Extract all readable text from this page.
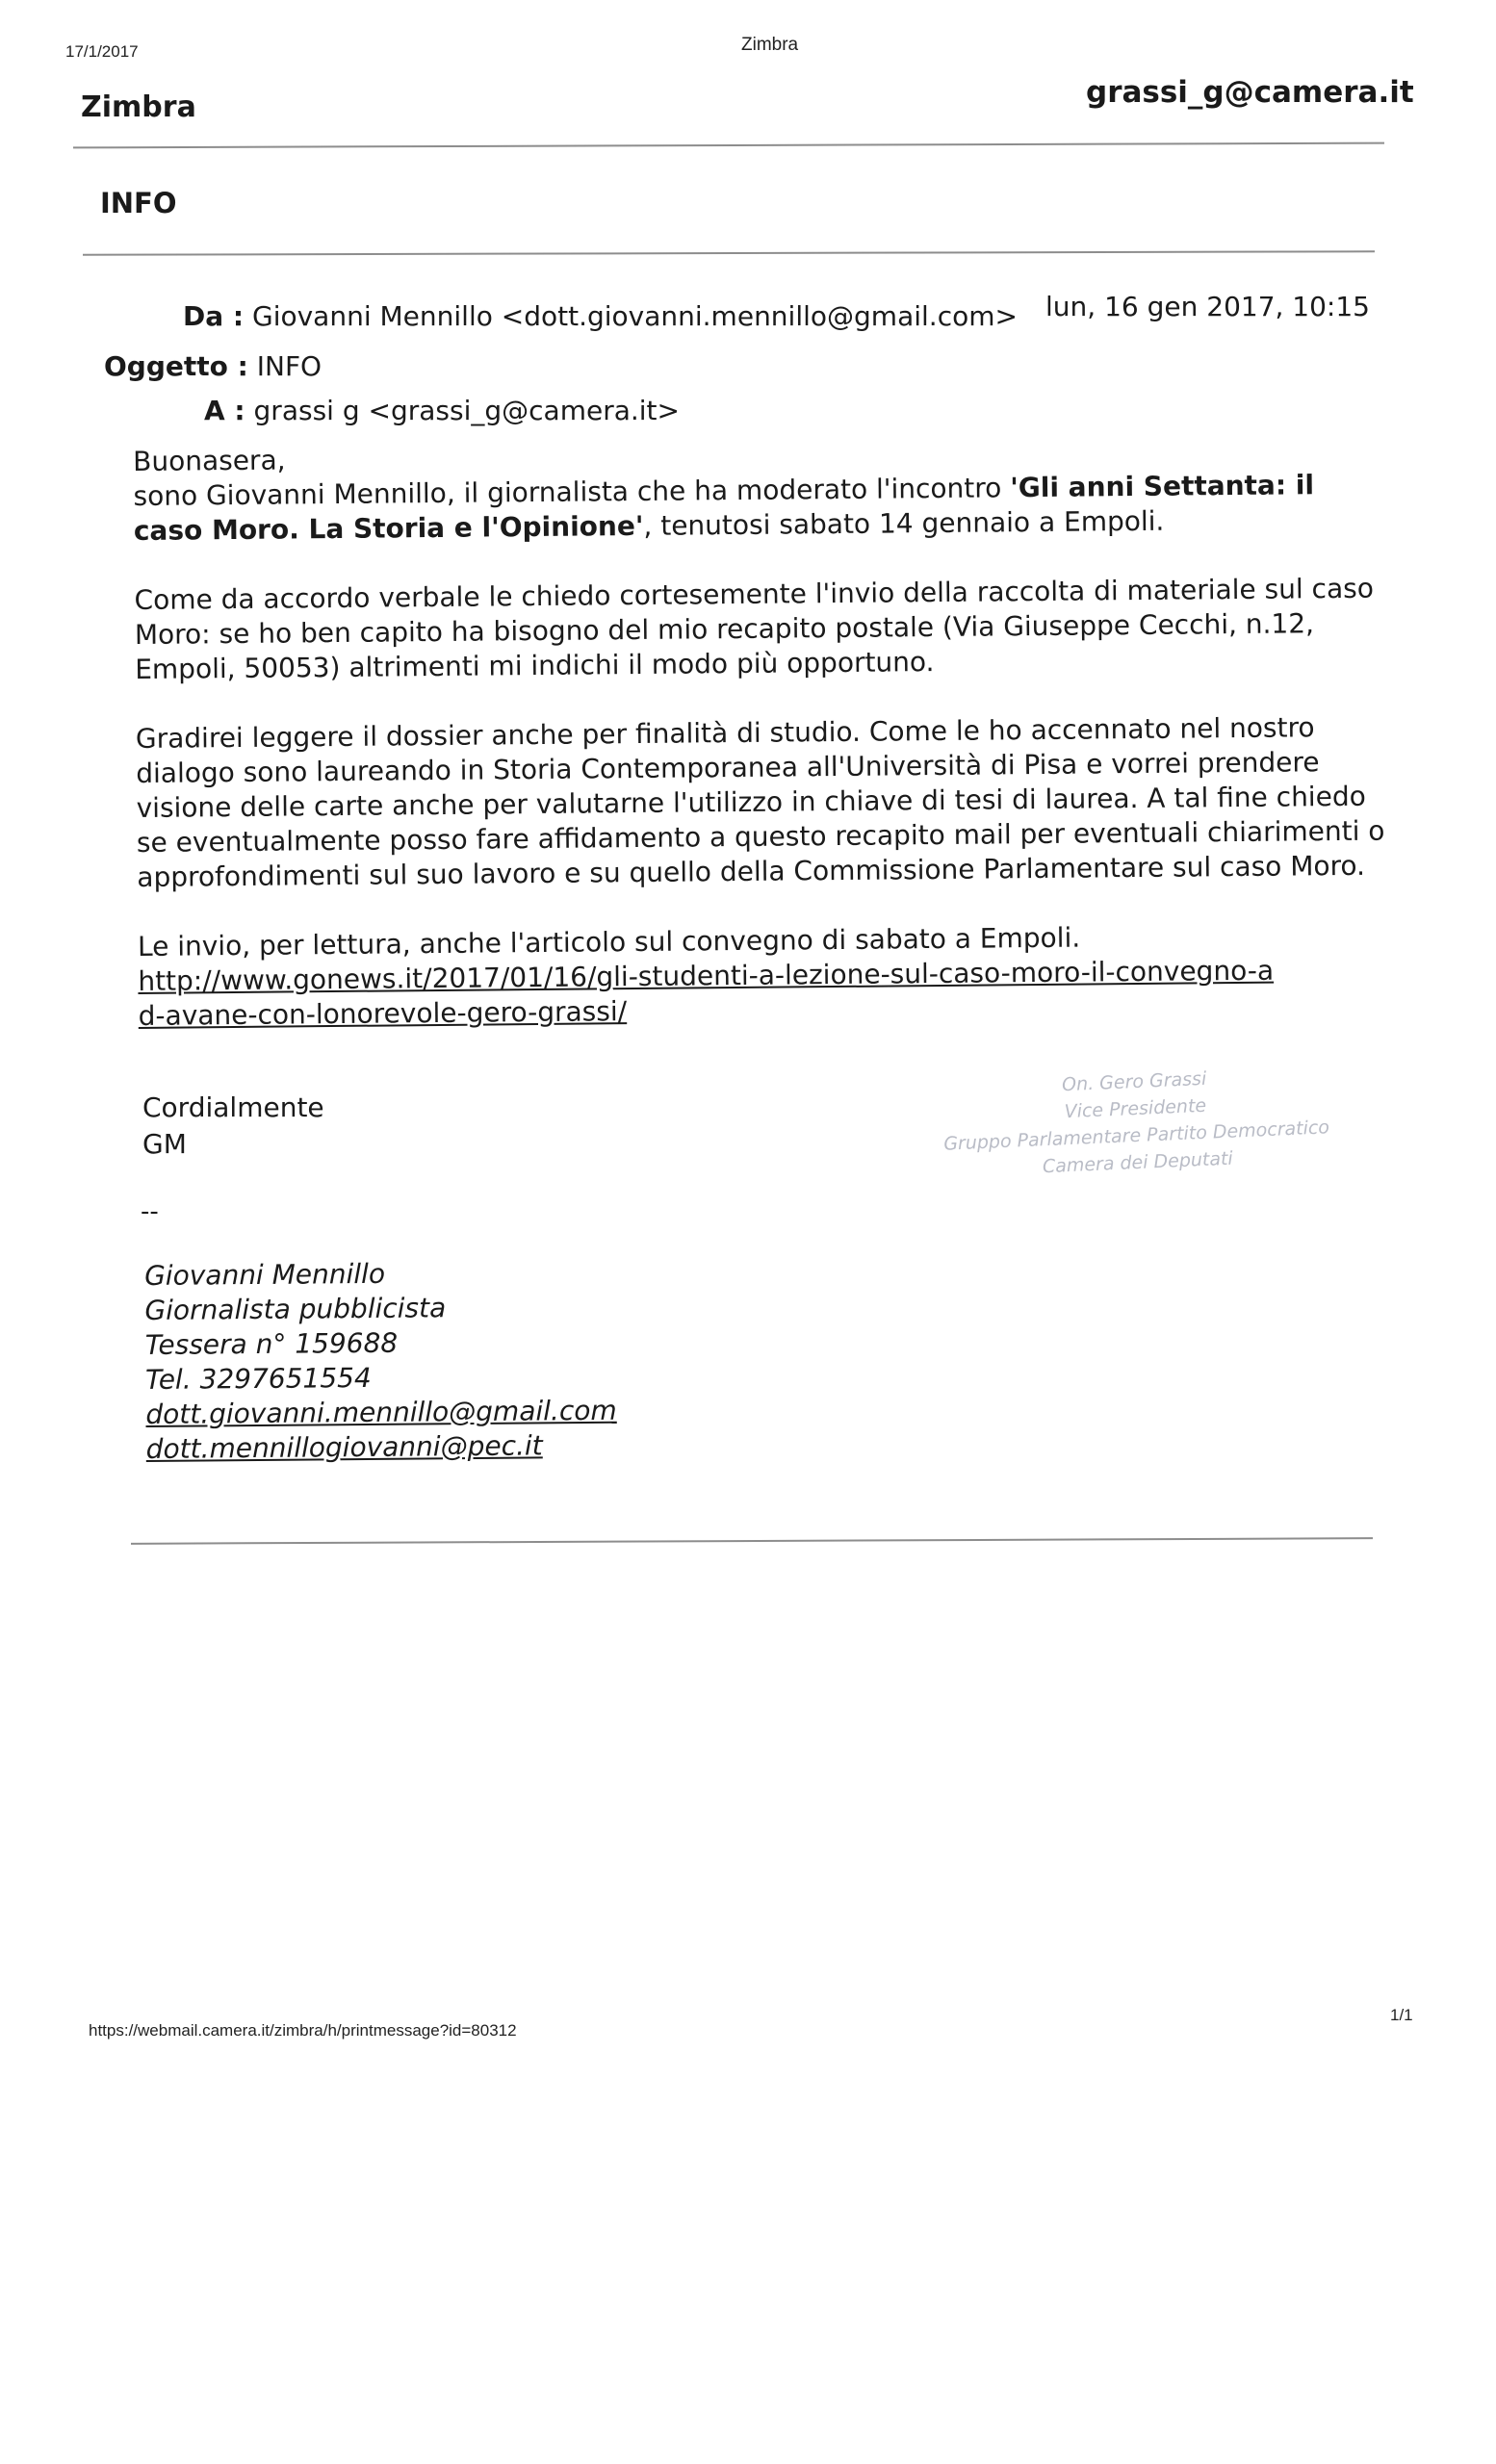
17/1/2017	Zimbra
Zimbra	grassi_g@camera.it
INFO
Da : Giovanni Mennillo <dott.giovanni.mennillo@gmail.com> lun, 16 gen 2017, 10:15
Oggetto : INFO
A : grassi g <grassi_g@camera.it>

Buonasera,

sono Giovanni Mennillo, il giornalista che ha moderato l'incontro 'Gli anni Settanta: il caso Moro. La Storia e l'Opinione', tenutosi sabato 14 gennaio a Empoli.

Come da accordo verbale le chiedo cortesemente l'invio della raccolta di materiale sul caso Moro: se ho ben capito ha bisogno del mio recapito postale (Via Giuseppe Cecchi, n.12, Empoli, 50053) altrimenti mi indichi il modo più opportuno.

Gradirei leggere il dossier anche per finalità di studio. Come le ho accennato nel nostro dialogo sono laureando in Storia Contemporanea all'Università di Pisa e vorrei prendere visione delle carte anche per valutarne l'utilizzo in chiave di tesi di laurea. A tal fine chiedo se eventualmente posso fare affidamento a questo recapito mail per eventuali chiarimenti o approfondimenti sul suo lavoro e su quello della Commissione Parlamentare sul caso Moro.

Le invio, per lettura, anche l'articolo sul convegno di sabato a Empoli.
http://www.gonews.it/2017/01/16/gli-studenti-a-lezione-sul-caso-moro-il-convegno-ad-avane-con-lonorevole-gero-grassi/

Cordialmente
GM
On. Gero Grassi
Vice Presidente
Gruppo Parlamentare Partito Democratico
Camera dei Deputati
--
Giovanni Mennillo
Giornalista pubblicista
Tessera n° 159688
Tel. 3297651554
dott.giovanni.mennillo@gmail.com
dott.mennillogiovanni@pec.it
https://webmail.camera.it/zimbra/h/printmessage?id=80312
1/1
